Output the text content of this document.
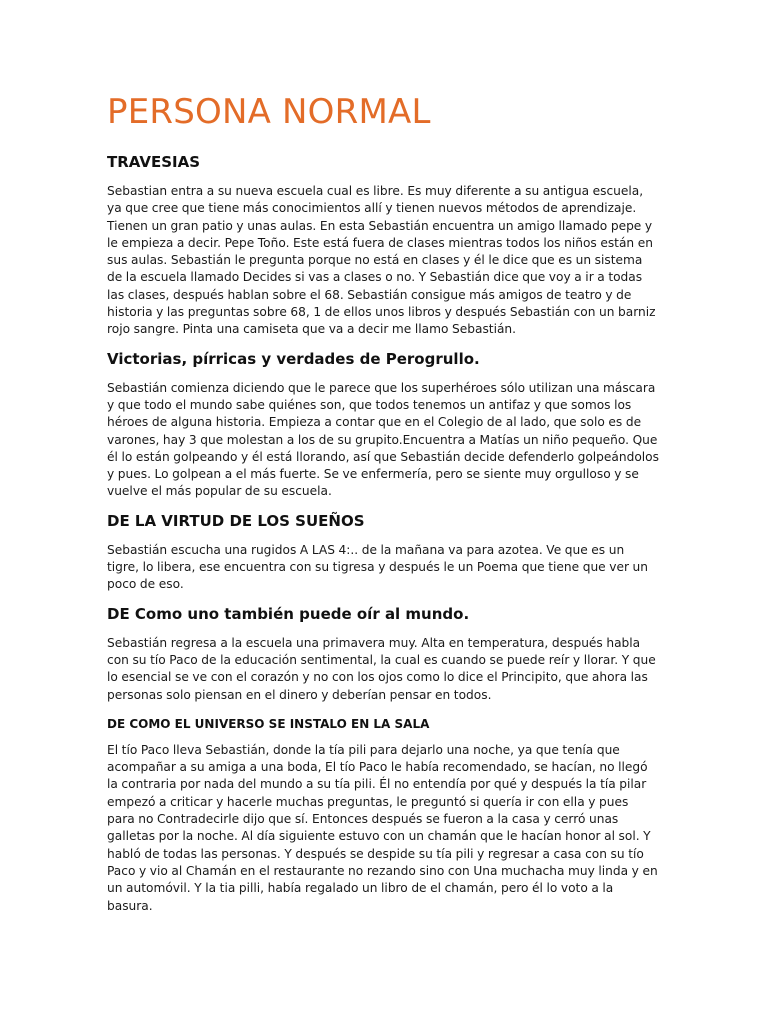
PERSONA NORMAL
TRAVESIAS

Sebastian entra a su nueva escuela cual es libre. Es muy diferente a su antigua escuela, ya que cree que tiene más conocimientos allí y tienen nuevos métodos de aprendizaje. Tienen un gran patio y unas aulas. En esta Sebastián encuentra un amigo llamado pepe y le empieza a decir. Pepe Toño. Este está fuera de clases mientras todos los niños están en sus aulas. Sebastián le pregunta porque no está en clases y él le dice que es un sistema de la escuela llamado Decides si vas a clases o no. Y Sebastián dice que voy a ir a todas las clases, después hablan sobre el 68. Sebastián consigue más amigos de teatro y de historia y las preguntas sobre 68, 1 de ellos unos libros y después Sebastián con un barniz rojo sangre. Pinta una camiseta que va a decir me llamo Sebastián.

Victorias, pírricas y verdades de Perogrullo.

Sebastián comienza diciendo que le parece que los superhéroes sólo utilizan una máscara y que todo el mundo sabe quiénes son, que todos tenemos un antifaz y que somos los héroes de alguna historia. Empieza a contar que en el Colegio de al lado, que solo es de varones, hay 3 que molestan a los de su grupito.Encuentra a Matías un niño pequeño. Que él lo están golpeando y él está llorando, así que Sebastián decide defenderlo golpeándolos y pues. Lo golpean a el más fuerte. Se ve enfermería, pero se siente muy orgulloso y se vuelve el más popular de su escuela.

DE LA VIRTUD DE LOS SUEÑOS

Sebastián escucha una rugidos A LAS 4:.. de la mañana va para azotea. Ve que es un tigre, lo libera, ese encuentra con su tigresa y después le un Poema que tiene que ver un poco de eso.

DE Como uno también puede oír al mundo.

Sebastián regresa a la escuela una primavera muy. Alta en temperatura, después habla con su tío Paco de la educación sentimental, la cual es cuando se puede reír y llorar. Y que lo esencial se ve con el corazón y no con los ojos como lo dice el Principito, que ahora las personas solo piensan en el dinero y deberían pensar en todos.

DE COMO EL UNIVERSO SE INSTALO EN LA SALA

El tío Paco lleva Sebastián, donde la tía pili para dejarlo una noche, ya que tenía que acompañar a su amiga a una boda, El tío Paco le había recomendado, se hacían, no llegó la contraria por nada del mundo a su tía pili. Él no entendía por qué y después la tía pilar empezó a criticar y hacerle muchas preguntas, le preguntó si quería ir con ella y pues para no Contradecirle dijo que sí. Entonces después se fueron a la casa y cerró unas galletas por la noche. Al día siguiente estuvo con un chamán que le hacían honor al sol. Y habló de todas las personas. Y después se despide su tía pili y regresar a casa con su tío Paco y vio al Chamán en el restaurante no rezando sino con Una muchacha muy linda y en un automóvil. Y la tia pilli, había regalado un libro de el chamán, pero él lo voto a la basura.
